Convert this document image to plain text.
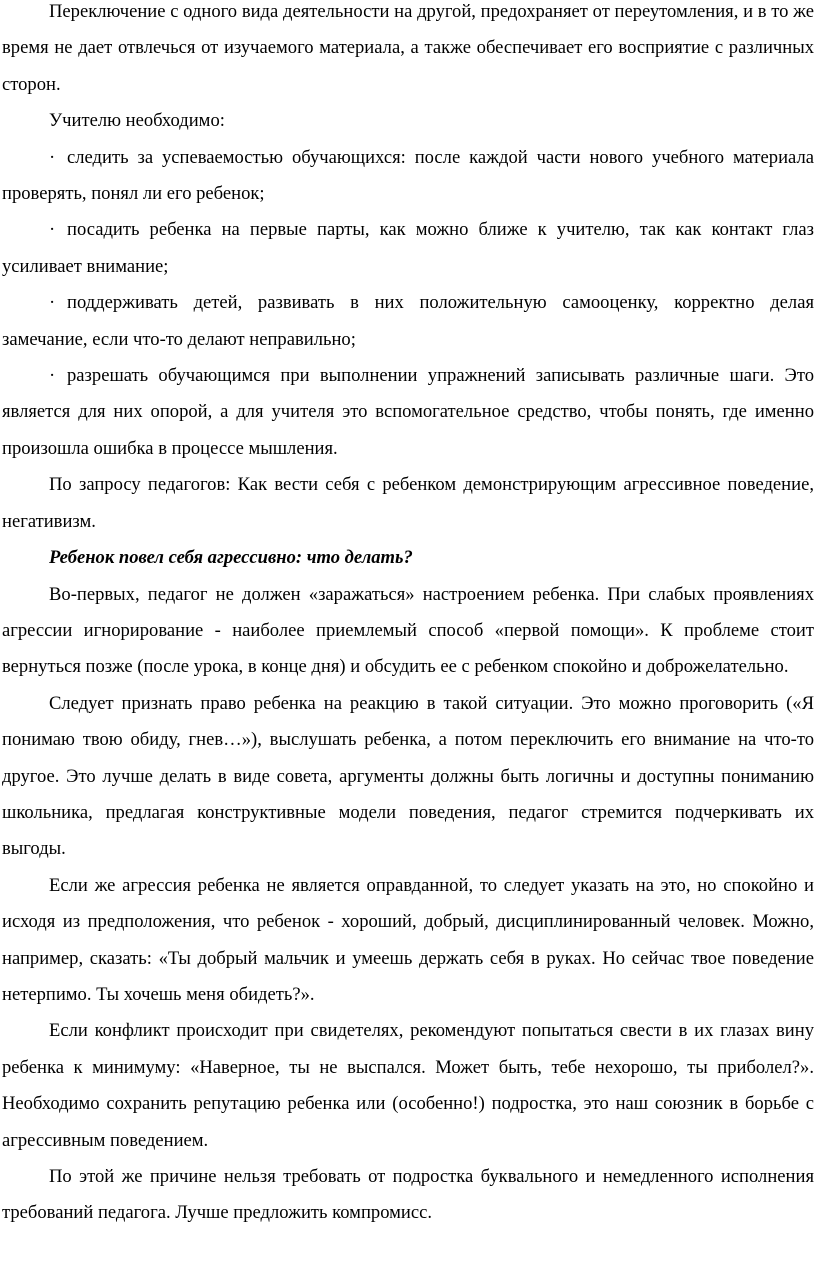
Переключение с одного вида деятельности на другой, предохраняет от переутомления, и в то же время не дает отвлечься от изучаемого материала, а также обеспечивает его восприятие с различных сторон.

Учителю необходимо:

· следить за успеваемостью обучающихся: после каждой части нового учебного материала проверять, понял ли его ребенок;

· посадить ребенка на первые парты, как можно ближе к учителю, так как контакт глаз усиливает внимание;

· поддерживать детей, развивать в них положительную самооценку, корректно делая замечание, если что-то делают неправильно;

· разрешать обучающимся при выполнении упражнений записывать различные шаги. Это является для них опорой, а для учителя это вспомогательное средство, чтобы понять, где именно произошла ошибка в процессе мышления.

По запросу педагогов: Как вести себя с ребенком демонстрирующим агрессивное поведение, негативизм.

Ребенок повел себя агрессивно: что делать?

Во-первых, педагог не должен «заражаться» настроением ребенка. При слабых проявлениях агрессии игнорирование - наиболее приемлемый способ «первой помощи». К проблеме стоит вернуться позже (после урока, в конце дня) и обсудить ее с ребенком спокойно и доброжелательно.

Следует признать право ребенка на реакцию в такой ситуации. Это можно проговорить («Я понимаю твою обиду, гнев…»), выслушать ребенка, а потом переключить его внимание на что-то другое. Это лучше делать в виде совета, аргументы должны быть логичны и доступны пониманию школьника, предлагая конструктивные модели поведения, педагог стремится подчеркивать их выгоды.

Если же агрессия ребенка не является оправданной, то следует указать на это, но спокойно и исходя из предположения, что ребенок - хороший, добрый, дисциплинированный человек. Можно, например, сказать: «Ты добрый мальчик и умеешь держать себя в руках. Но сейчас твое поведение нетерпимо. Ты хочешь меня обидеть?».

Если конфликт происходит при свидетелях, рекомендуют попытаться свести в их глазах вину ребенка к минимуму: «Наверное, ты не выспался. Может быть, тебе нехорошо, ты приболел?». Необходимо сохранить репутацию ребенка или (особенно!) подростка, это наш союзник в борьбе с агрессивным поведением.

По этой же причине нельзя требовать от подростка буквального и немедленного исполнения требований педагога. Лучше предложить компромисс.
